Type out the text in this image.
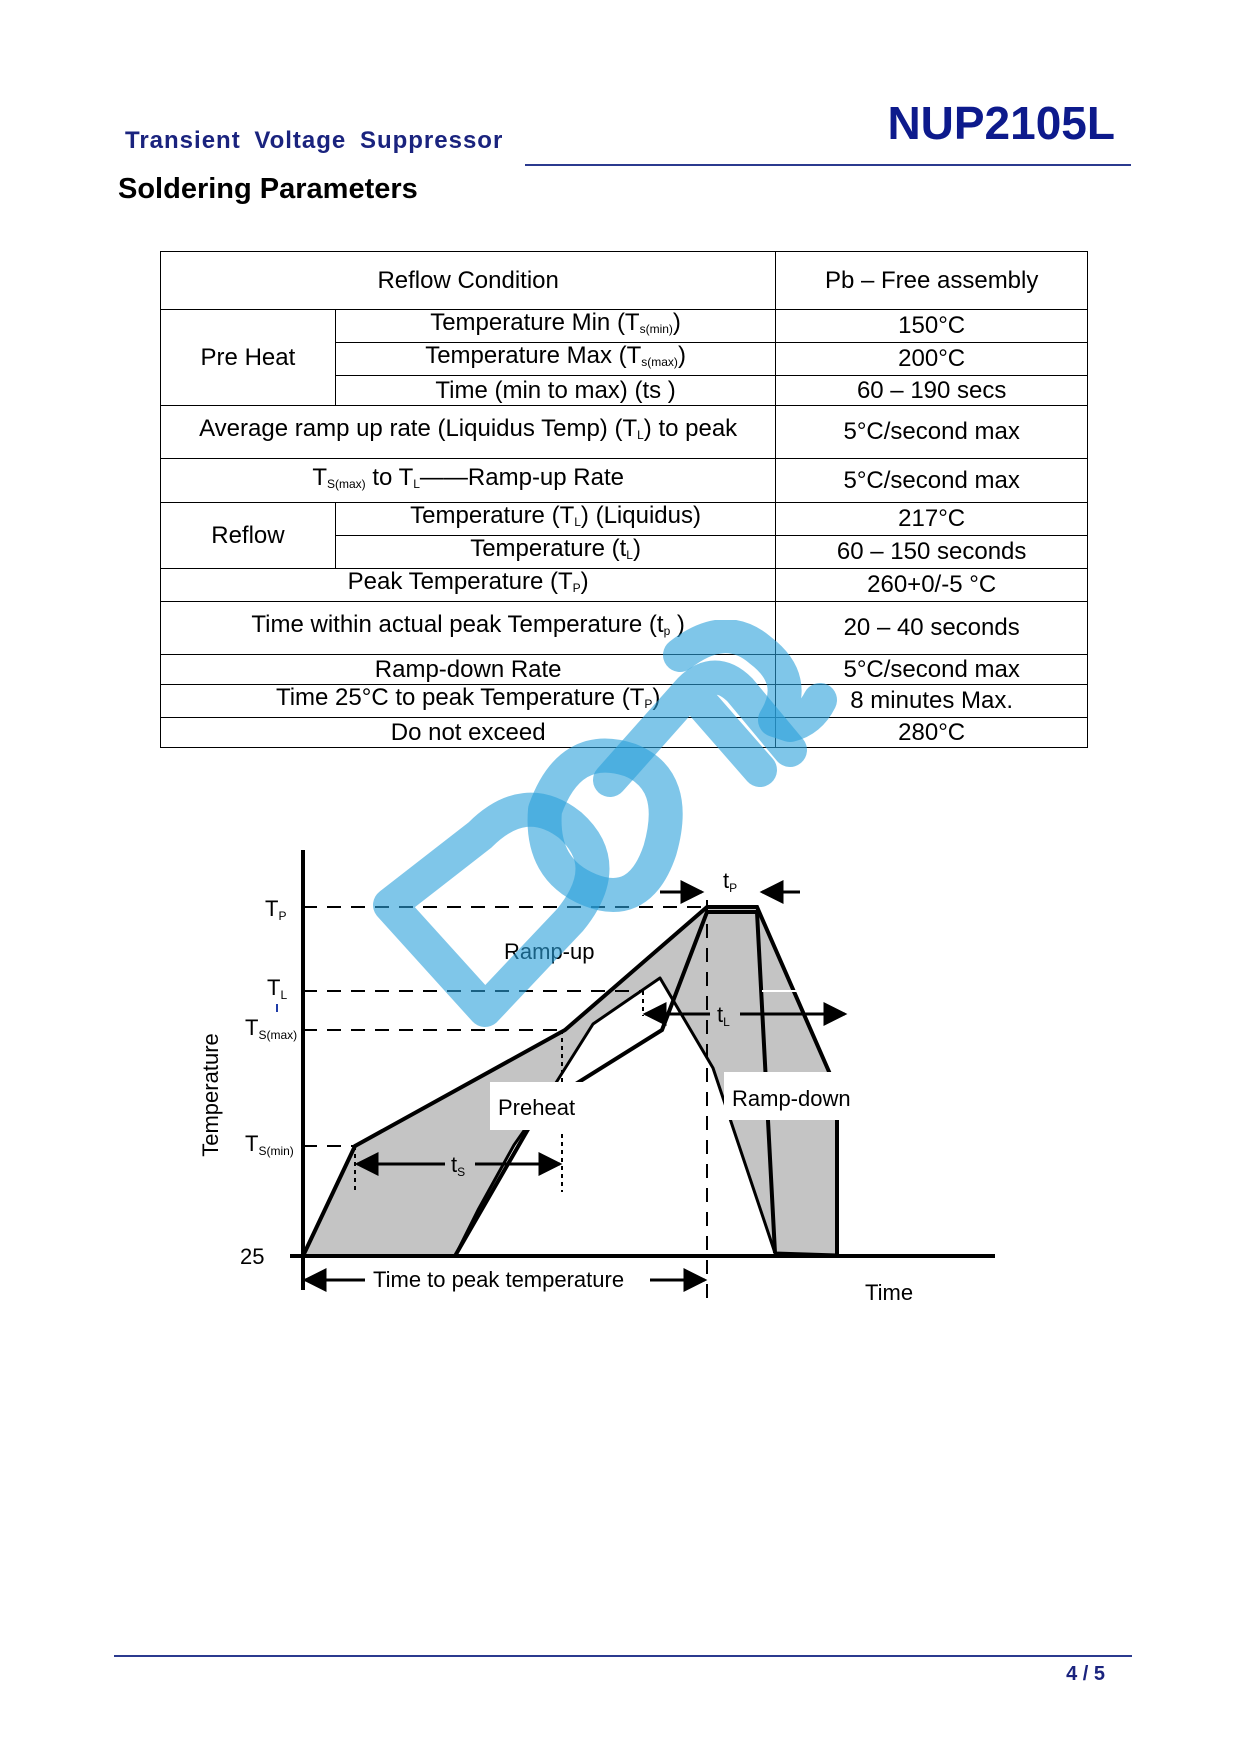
Transient Voltage Suppressor	NUP2105L
Soldering Parameters
Reflow Condition		Pb – Free assembly
Pre Heat	Temperature Min $(T_{s(min)})$	150°C
	Temperature Max $(T_{s(max)})$	200°C
	Time (min to max) (ts )	60 – 190 secs
Average ramp up rate (Liquidus Temp) $(T_L)$ to peak		5°C/second max
$T_{S(max)}$ to $T_L——Ramp-up$ Rate		5°C/second max
Reflow	Temperature $(T_L)$ (Liquidus)	217°C
	Temperature $(t_L)$	60 – 150 seconds
Peak Temperature $(T_P)$		260+0/-5 °C
Time within actual peak Temperature ($t_p$ )		20 – 40 seconds
Ramp-down Rate		5°C/second max
Time 25°C to peak Temperature $(T_P)$		8 minutes Max.
Do not exceed		280°C
Ramp-up
Preheat	Ramp-down
Time to peak temperature
Time
Temperature
25
TP
TL
TS(max)
TS(min)
tP
tL
tS
4 / 5
